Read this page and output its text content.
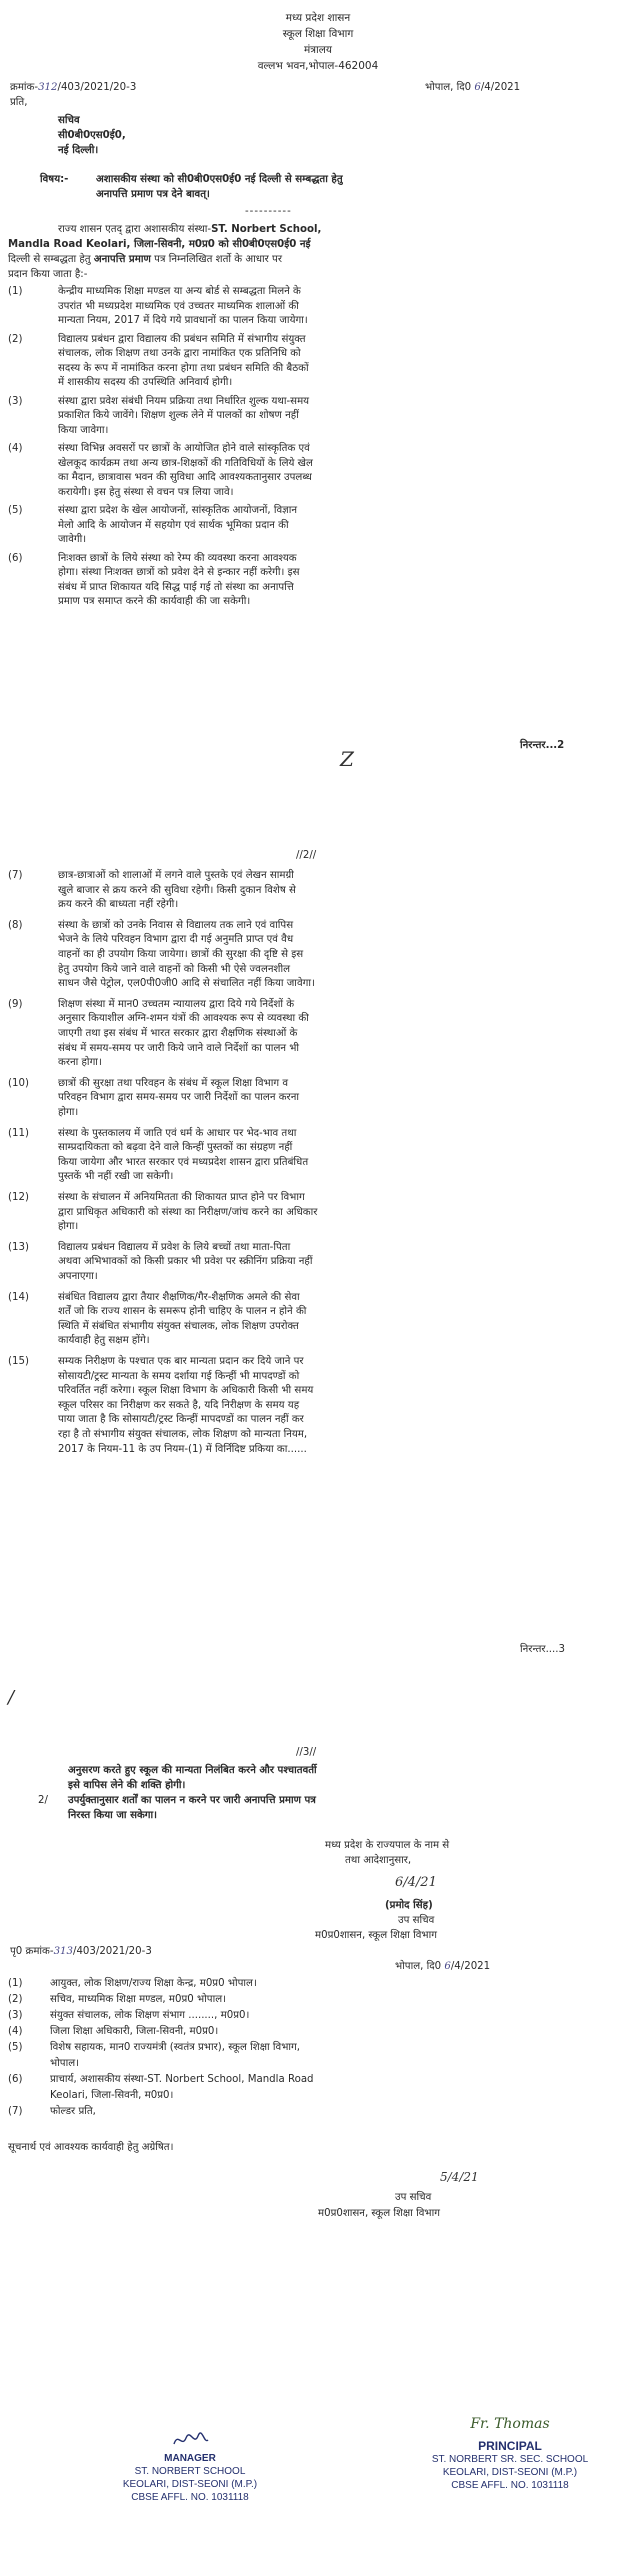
मध्य प्रदेश शासन
स्कूल शिक्षा विभाग
मंत्रालय
वल्लभ भवन,भोपाल-462004
क्रमांक-312/403/2021/20-3	भोपाल, दि0 6/4/2021
प्रति,
सचिव
सी0बी0एस0ई0,
नई दिल्ली।
विषय:-	अशासकीय संस्था को सी0बी0एस0ई0 नई दिल्ली से सम्बद्धता हेतु
अनापत्ति प्रमाण पत्र देने बावत्।
----------
राज्य शासन एतद् द्वारा अशासकीय संस्था-ST. Norbert School,
Mandla Road Keolari, जिला-सिवनी, म0प्र0 को सी0बी0एस0ई0 नई
दिल्ली से सम्बद्धता हेतु अनापत्ति प्रमाण पत्र निम्नलिखित शर्तो के आधार पर
प्रदान किया जाता है:-
(1)	केन्द्रीय माध्यमिक शिक्षा मण्डल या अन्य बोर्ड से सम्बद्धता मिलने के
उपरांत भी मध्यप्रदेश माध्यमिक एवं उच्चतर माध्यमिक शालाओं की
मान्यता नियम, 2017 में दिये गये प्रावधानों का पालन किया जायेगा।
(2)	विद्यालय प्रबंधन द्वारा विद्यालय की प्रबंधन समिति में संभागीय संयुक्त
संचालक, लोक शिक्षण तथा उनके द्वारा नामांकित एक प्रतिनिधि को
सदस्य के रूप में नामांकित करना होगा तथा प्रबंधन समिति की बैठकों
में शासकीय सदस्य की उपस्थिति अनिवार्य होगी।
(3)	संस्था द्वारा प्रवेश संबंधी नियम प्रक्रिया तथा निर्धारित शुल्क यथा-समय
प्रकाशित किये जावेंगे। शिक्षण शुल्क लेने में पालकों का शोषण नहीं
किया जावेगा।
(4)	संस्था विभिन्न अवसरों पर छात्रों के आयोजित होने वाले सांस्कृतिक एवं
खेलकूद कार्यक्रम तथा अन्य छात्र-शिक्षकों की गतिविधियों के लिये खेल
का मैदान, छात्रावास भवन की सुविधा आदि आवश्यकतानुसार उपलब्ध
करायेगी। इस हेतु संस्था से वचन पत्र लिया जावे।
(5)	संस्था द्वारा प्रदेश के खेल आयोजनों, सांस्कृतिक आयोजनों, विज्ञान
मेलो आदि के आयोजन में सहयोग एवं सार्थक भूमिका प्रदान की
जावेगी।
(6)	निःशक्त छात्रों के लिये संस्था को रेम्प की व्यवस्था करना आवश्यक
होगा। संस्था निःशक्त छात्रों को प्रवेश देने से इन्कार नहीं करेगी। इस
संबंध में प्राप्त शिकायत यदि सिद्ध पाई गई तो संस्था का अनापत्ति
प्रमाण पत्र समाप्त करने की कार्यवाही की जा सकेगी।
Z
निरन्तर...2
//2//
(7)	छात्र-छात्राओं को शालाओं में लगने वाले पुस्तके एवं लेखन सामग्री
खुले बाजार से क्रय करने की सुविधा रहेगी। किसी दुकान विशेष से
क्रय करने की बाध्यता नहीं रहेगी।
(8)	संस्था के छात्रों को उनके निवास से विद्यालय तक लाने एवं वापिस
भेजने के लिये परिवहन विभाग द्वारा दी गई अनुमति प्राप्त एवं वैध
वाहनों का ही उपयोग किया जायेगा। छात्रों की सुरक्षा की दृष्टि से इस
हेतु उपयोग किये जाने वाले वाहनों को किसी भी ऐसे ज्वलनशील
साधन जैसे पेट्रोल, एल0पी0जी0 आदि से संचालित नहीं किया जावेगा।
(9)	शिक्षण संस्था में मान0 उच्चतम न्यायालय द्वारा दिये गये निर्देशों के
अनुसार कियाशील अग्नि-शमन यंत्रों की आवश्यक रूप से व्यवस्था की
जाएगी तथा इस संबंध में भारत सरकार द्वारा शैक्षणिक संस्थाओं के
संबंध में समय-समय पर जारी किये जाने वाले निर्देशों का पालन भी
करना होगा।
(10)	छात्रों की सुरक्षा तथा परिवहन के संबंध में स्कूल शिक्षा विभाग व
परिवहन विभाग द्वारा समय-समय पर जारी निर्देशों का पालन करना
होगा।
(11)	संस्था के पुस्तकालय में जाति एवं धर्म के आधार पर भेद-भाव तथा
साम्प्रदायिकता को बढ़वा देने वाले किन्हीं पुस्तकों का संग्रहण नहीं
किया जायेगा और भारत सरकार एवं मध्यप्रदेश शासन द्वारा प्रतिबंधित
पुस्तकें भी नहीं रखी जा सकेगी।
(12)	संस्था के संचालन में अनियमितता की शिकायत प्राप्त होने पर विभाग
द्वारा प्राधिकृत अधिकारी को संस्था का निरीक्षण/जांच करने का अधिकार
होगा।
(13)	विद्यालय प्रबंधन विद्यालय में प्रवेश के लिये बच्चों तथा माता-पिता
अथवा अभिभावकों को किसी प्रकार भी प्रवेश पर स्क्रीनिंग प्रक्रिया नहीं
अपनाएगा।
(14)	संबंधित विद्यालय द्वारा तैयार शैक्षणिक/गैर-शैक्षणिक अमले की सेवा
शर्तें जो कि राज्य शासन के समरूप होनी चाहिए के पालन न होने की
स्थिति में संबंधित संभागीय संयुक्त संचालक, लोक शिक्षण उपरोक्त
कार्यवाही हेतु सक्षम होंगे।
(15)	सम्यक निरीक्षण के पश्चात एक बार मान्यता प्रदान कर दिये जाने पर
सोसायटी/ट्रस्ट मान्यता के समय दर्शाया गई किन्हीं भी मापदण्डों को
परिवर्तित नहीं करेगा। स्कूल शिक्षा विभाग के अधिकारी किसी भी समय
स्कूल परिसर का निरीक्षण कर सकते है, यदि निरीक्षण के समय यह
पाया जाता है कि सोसायटी/ट्रस्ट किन्हीं मापदण्डों का पालन नहीं कर
रहा है तो संभागीय संयुक्त संचालक, लोक शिक्षण को मान्यता नियम,
2017 के नियम-11 के उप नियम-(1) में विर्निदिष्ट प्रकिया का......
निरन्तर....3
/
//3//
अनुसरण करते हुए स्कूल की मान्यता निलंबित करने और पश्चातवर्ती
इसे वापिस लेने की शक्ति होगी।
2/ उपर्युक्तानुसार शर्तों का पालन न करने पर जारी अनापत्ति प्रमाण पत्र
निरस्त किया जा सकेगा।
मध्य प्रदेश के राज्यपाल के नाम से
तथा आदेशानुसार,
6/4/21
(प्रमोद सिंह)
उप सचिव
म0प्र0शासन, स्कूल शिक्षा विभाग
पृ0 क्रमांक-313/403/2021/20-3
भोपाल, दि0 6/4/2021
(1)	आयुक्त, लोक शिक्षण/राज्य शिक्षा केन्द्र, म0प्र0 भोपाल।
(2)	सचिव, माध्यमिक शिक्षा मण्डल, म0प्र0 भोपाल।
(3)	संयुक्त संचालक, लोक शिक्षण संभाग ........, म0प्र0।
(4)	जिला शिक्षा अधिकारी, जिला-सिवनी, म0प्र0।
(5)	विशेष सहायक, मान0 राज्यमंत्री (स्वतंत्र प्रभार), स्कूल शिक्षा विभाग,
भोपाल।
(6)	प्राचार्य, अशासकीय संस्था-ST. Norbert School, Mandla Road
Keolari, जिला-सिवनी, म0प्र0।
(7)	फोल्डर प्रति,
सूचनार्थ एवं आवश्यक कार्यवाही हेतु अग्रेषित।
5/4/21
उप सचिव
म0प्र0शासन, स्कूल शिक्षा विभाग
MANAGER
ST. NORBERT SCHOOL
KEOLARI, DIST-SEONI (M.P.)
CBSE AFFL. NO. 1031118
Fr. Thomas
PRINCIPAL
ST. NORBERT SR. SEC. SCHOOL
KEOLARI, DIST-SEONI (M.P.)
CBSE AFFL. NO. 1031118
